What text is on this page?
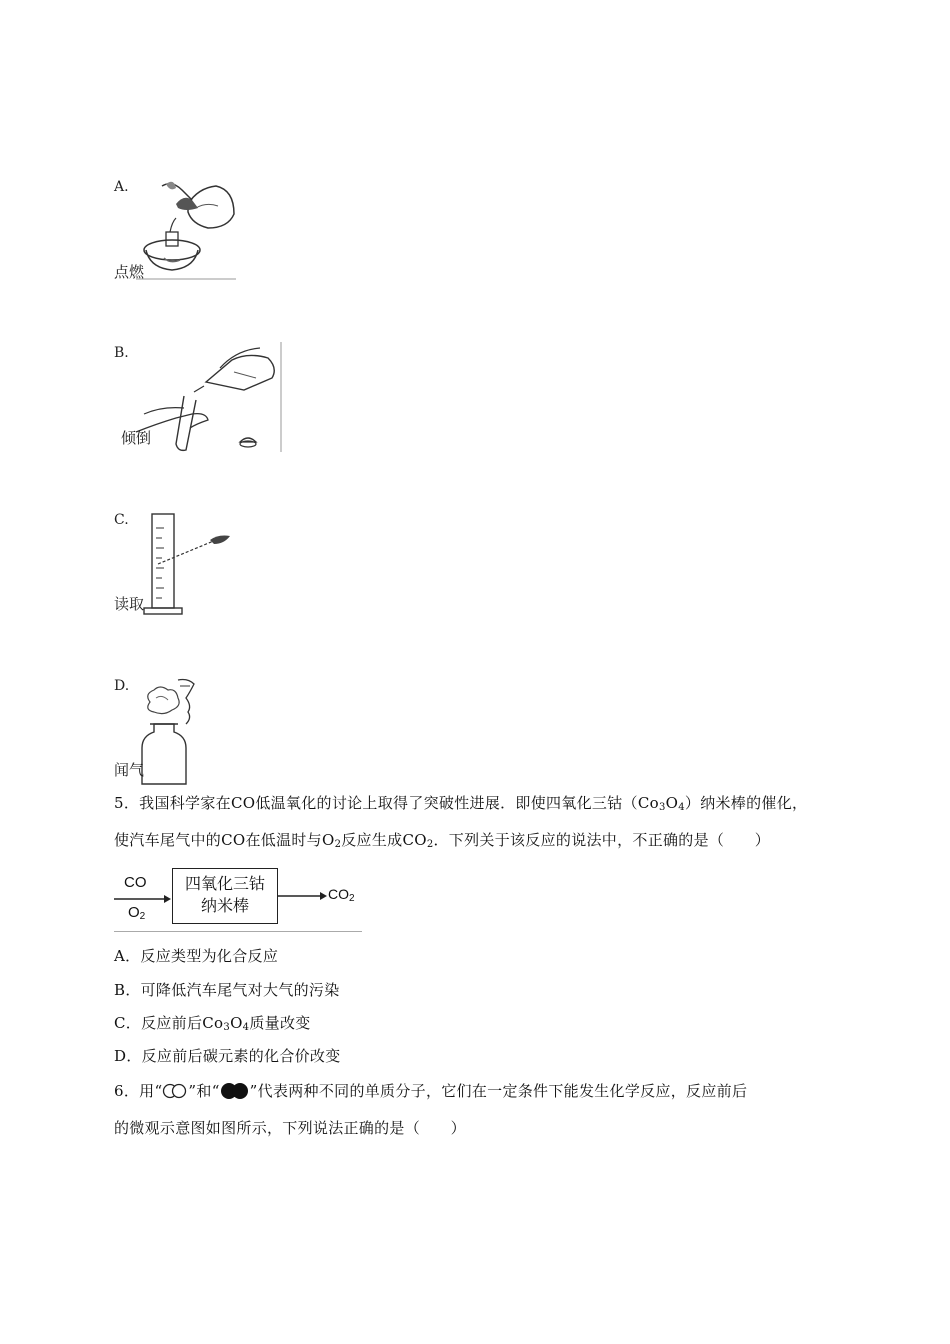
A.
点燃
B.
倾倒
C.
读取
D.
闻气
5．我国科学家在CO低温氧化的讨论上取得了突破性进展．即使四氧化三钴$(Co_3O_4)$纳米棒的催化，
使汽车尾气中的CO在低温时与$O_2$反应生成$CO_2$．下列关于该反应的说法中，不正确的是（　　）
CO
$O_2$
四氧化三钴
纳米棒
$CO_2$
A．反应类型为化合反应
B．可降低汽车尾气对大气的污染
C．反应前后$Co_3O_4$质量改变
D．反应前后碳元素的化合价改变
6．用“ ”和“ ”代表两种不同的单质分子，它们在一定条件下能发生化学反应，反应前后
的微观示意图如图所示，下列说法正确的是（　　）
